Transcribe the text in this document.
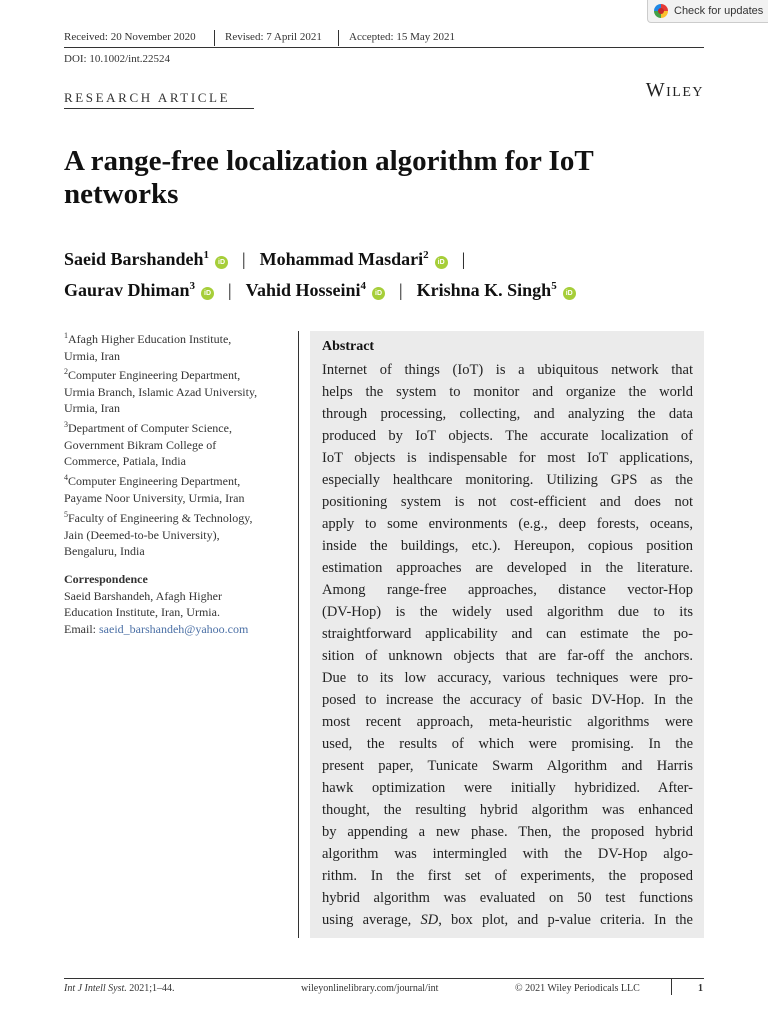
Received: 20 November 2020	Revised: 7 April 2021 Accepted: 15 May 2021
DOI: 10.1002/int.22524
Check for updates
RESEARCH ARTICLE	Wiley
A range-free localization algorithm for IoT networks
Saeid Barshandeh$^1$iD | Mohammad Masdari$^2$iD |
Gaurav Dhiman$^3$iD | Vahid Hosseini$^4$iD | Krishna K. Singh$^5$iD
$^1$Afagh Higher Education Institute,
Urmia, Iran
$^2$Computer Engineering Department,
Urmia Branch, Islamic Azad University,
Urmia, Iran
$^3$Department of Computer Science,
Government Bikram College of
Commerce, Patiala, India
$^4$Computer Engineering Department,
Payame Noor University, Urmia, Iran
$^5$Faculty of Engineering & Technology,
Jain (Deemed-to-be University),
Bengaluru, India
Correspondence
Saeid Barshandeh, Afagh Higher
Education Institute, Iran, Urmia.
Email: saeid_barshandeh@yahoo.com
Abstract
Internet of things (IoT) is a ubiquitous network that
helps the system to monitor and organize the world
through processing, collecting, and analyzing the data
produced by IoT objects. The accurate localization of
IoT objects is indispensable for most IoT applications,
especially healthcare monitoring. Utilizing GPS as the
positioning system is not cost-efficient and does not
apply to some environments (e.g., deep forests, oceans,
inside the buildings, etc.). Hereupon, copious position
estimation approaches are developed in the literature.
Among range-free approaches, distance vector-Hop
(DV-Hop) is the widely used algorithm due to its
straightforward applicability and can estimate the po-
sition of unknown objects that are far-off the anchors.
Due to its low accuracy, various techniques were pro-
posed to increase the accuracy of basic DV-Hop. In the
most recent approach, meta-heuristic algorithms were
used, the results of which were promising. In the
present paper, Tunicate Swarm Algorithm and Harris
hawk optimization were initially hybridized. After-
thought, the resulting hybrid algorithm was enhanced
by appending a new phase. Then, the proposed hybrid
algorithm was intermingled with the DV-Hop algo-
rithm. In the first set of experiments, the proposed
hybrid algorithm was evaluated on 50 test functions
using average, SD, box plot, and p-value criteria. In the
Int J Intell Syst. 2021;1–44.	wileyonlinelibrary.com/journal/int	© 2021 Wiley Periodicals LLC	1
